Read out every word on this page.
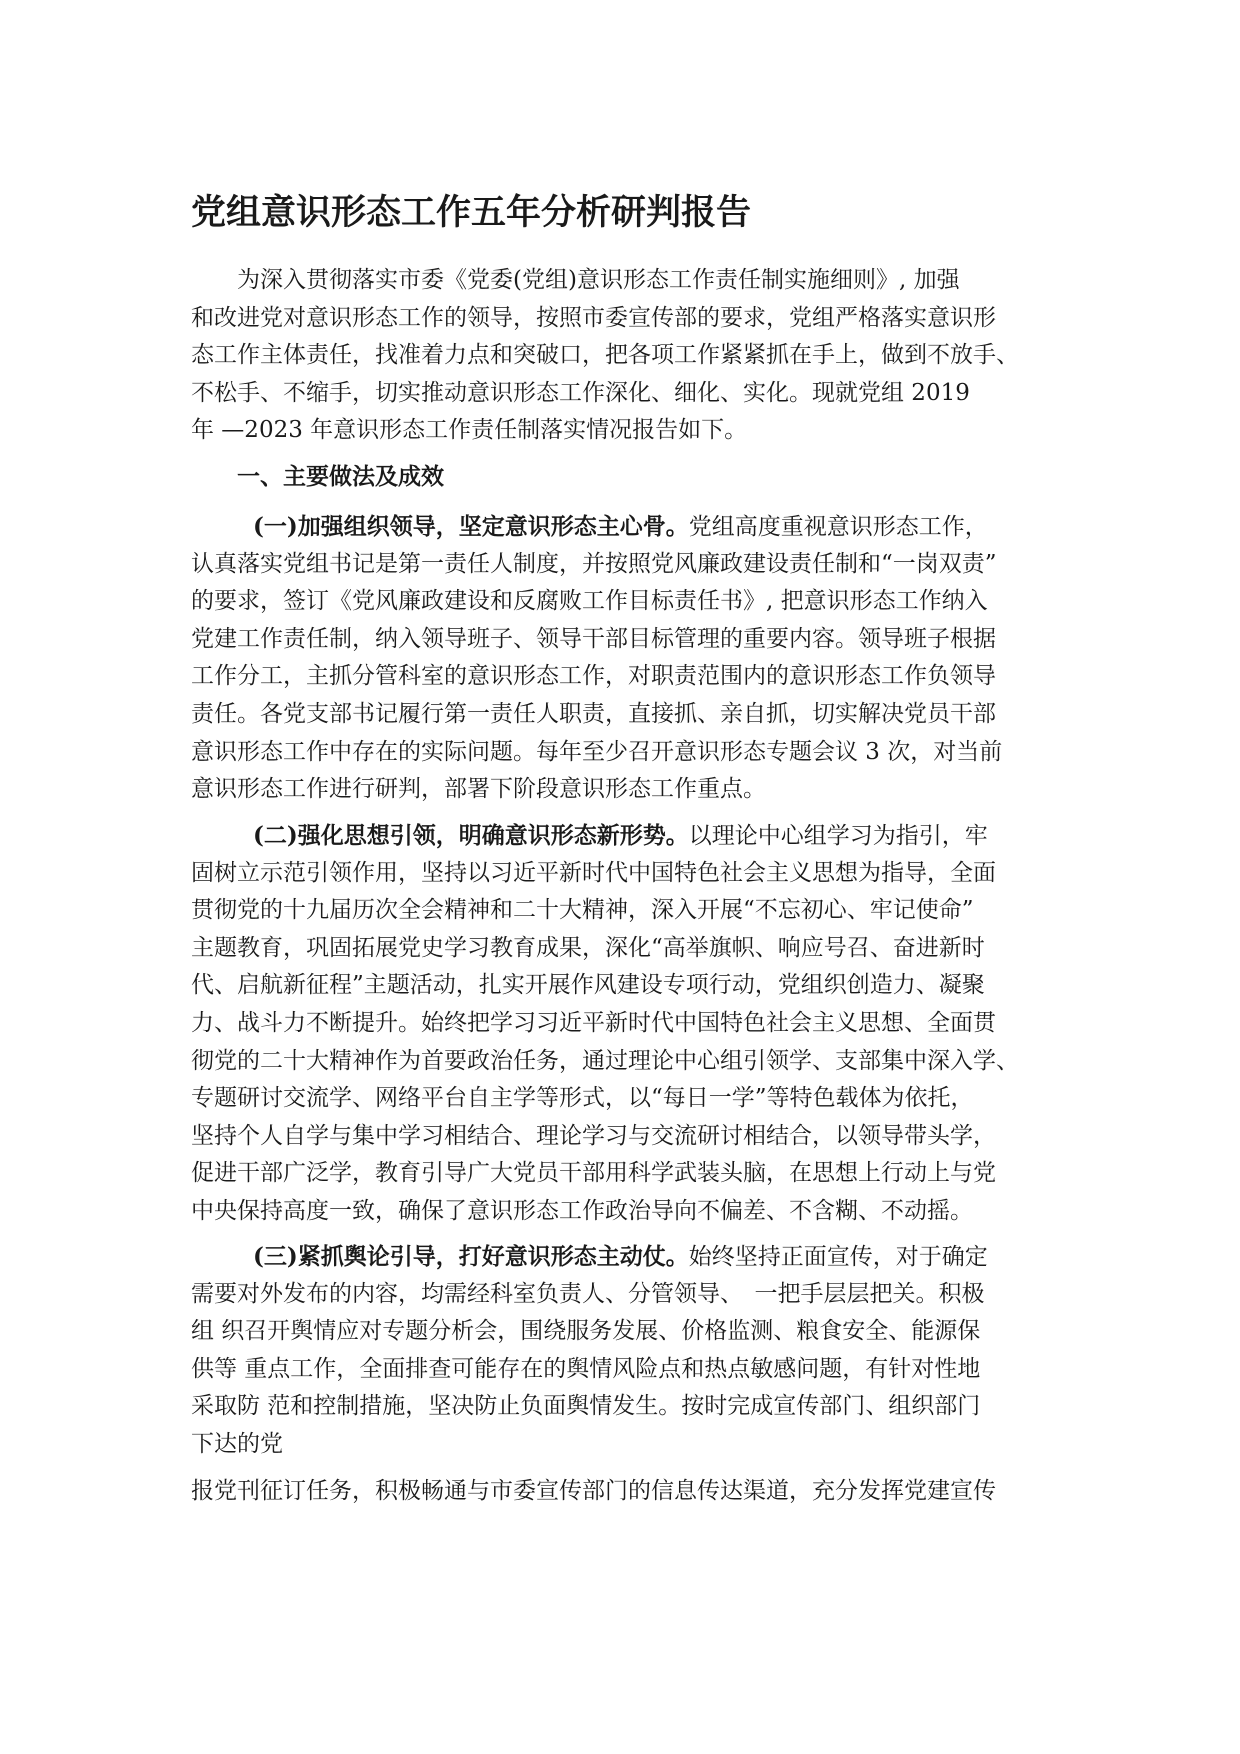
党组意识形态工作五年分析研判报告
为深入贯彻落实市委《党委(党组)意识形态工作责任制实施细则》, 加强
和改进党对意识形态工作的领导，按照市委宣传部的要求，党组严格落实意识形
态工作主体责任，找准着力点和突破口，把各项工作紧紧抓在手上，做到不放手、
不松手、不缩手，切实推动意识形态工作深化、细化、实化。现就党组 2019
年 —2023 年意识形态工作责任制落实情况报告如下。
一、主要做法及成效
(一)加强组织领导，坚定意识形态主心骨。党组高度重视意识形态工作，
认真落实党组书记是第一责任人制度，并按照党风廉政建设责任制和“一岗双责”
的要求，签订《党风廉政建设和反腐败工作目标责任书》, 把意识形态工作纳入
党建工作责任制，纳入领导班子、领导干部目标管理的重要内容。领导班子根据
工作分工，主抓分管科室的意识形态工作，对职责范围内的意识形态工作负领导
责任。各党支部书记履行第一责任人职责，直接抓、亲自抓，切实解决党员干部
意识形态工作中存在的实际问题。每年至少召开意识形态专题会议 3 次，对当前
意识形态工作进行研判，部署下阶段意识形态工作重点。
(二)强化思想引领，明确意识形态新形势。以理论中心组学习为指引，牢
固树立示范引领作用，坚持以习近平新时代中国特色社会主义思想为指导，全面
贯彻党的十九届历次全会精神和二十大精神，深入开展“不忘初心、牢记使命”
主题教育，巩固拓展党史学习教育成果，深化“高举旗帜、响应号召、奋进新时
代、启航新征程”主题活动，扎实开展作风建设专项行动，党组织创造力、凝聚
力、战斗力不断提升。始终把学习习近平新时代中国特色社会主义思想、全面贯
彻党的二十大精神作为首要政治任务，通过理论中心组引领学、支部集中深入学、
专题研讨交流学、网络平台自主学等形式，以“每日一学”等特色载体为依托，
坚持个人自学与集中学习相结合、理论学习与交流研讨相结合，以领导带头学，
促进干部广泛学，教育引导广大党员干部用科学武装头脑，在思想上行动上与党
中央保持高度一致，确保了意识形态工作政治导向不偏差、不含糊、不动摇。
(三)紧抓舆论引导，打好意识形态主动仗。始终坚持正面宣传，对于确定
需要对外发布的内容，均需经科室负责人、分管领导、　一把手层层把关。积极
组 织召开舆情应对专题分析会，围绕服务发展、价格监测、粮食安全、能源保
供等 重点工作，全面排查可能存在的舆情风险点和热点敏感问题，有针对性地
采取防 范和控制措施，坚决防止负面舆情发生。按时完成宣传部门、组织部门
下达的党
报党刊征订任务，积极畅通与市委宣传部门的信息传达渠道，充分发挥党建宣传
